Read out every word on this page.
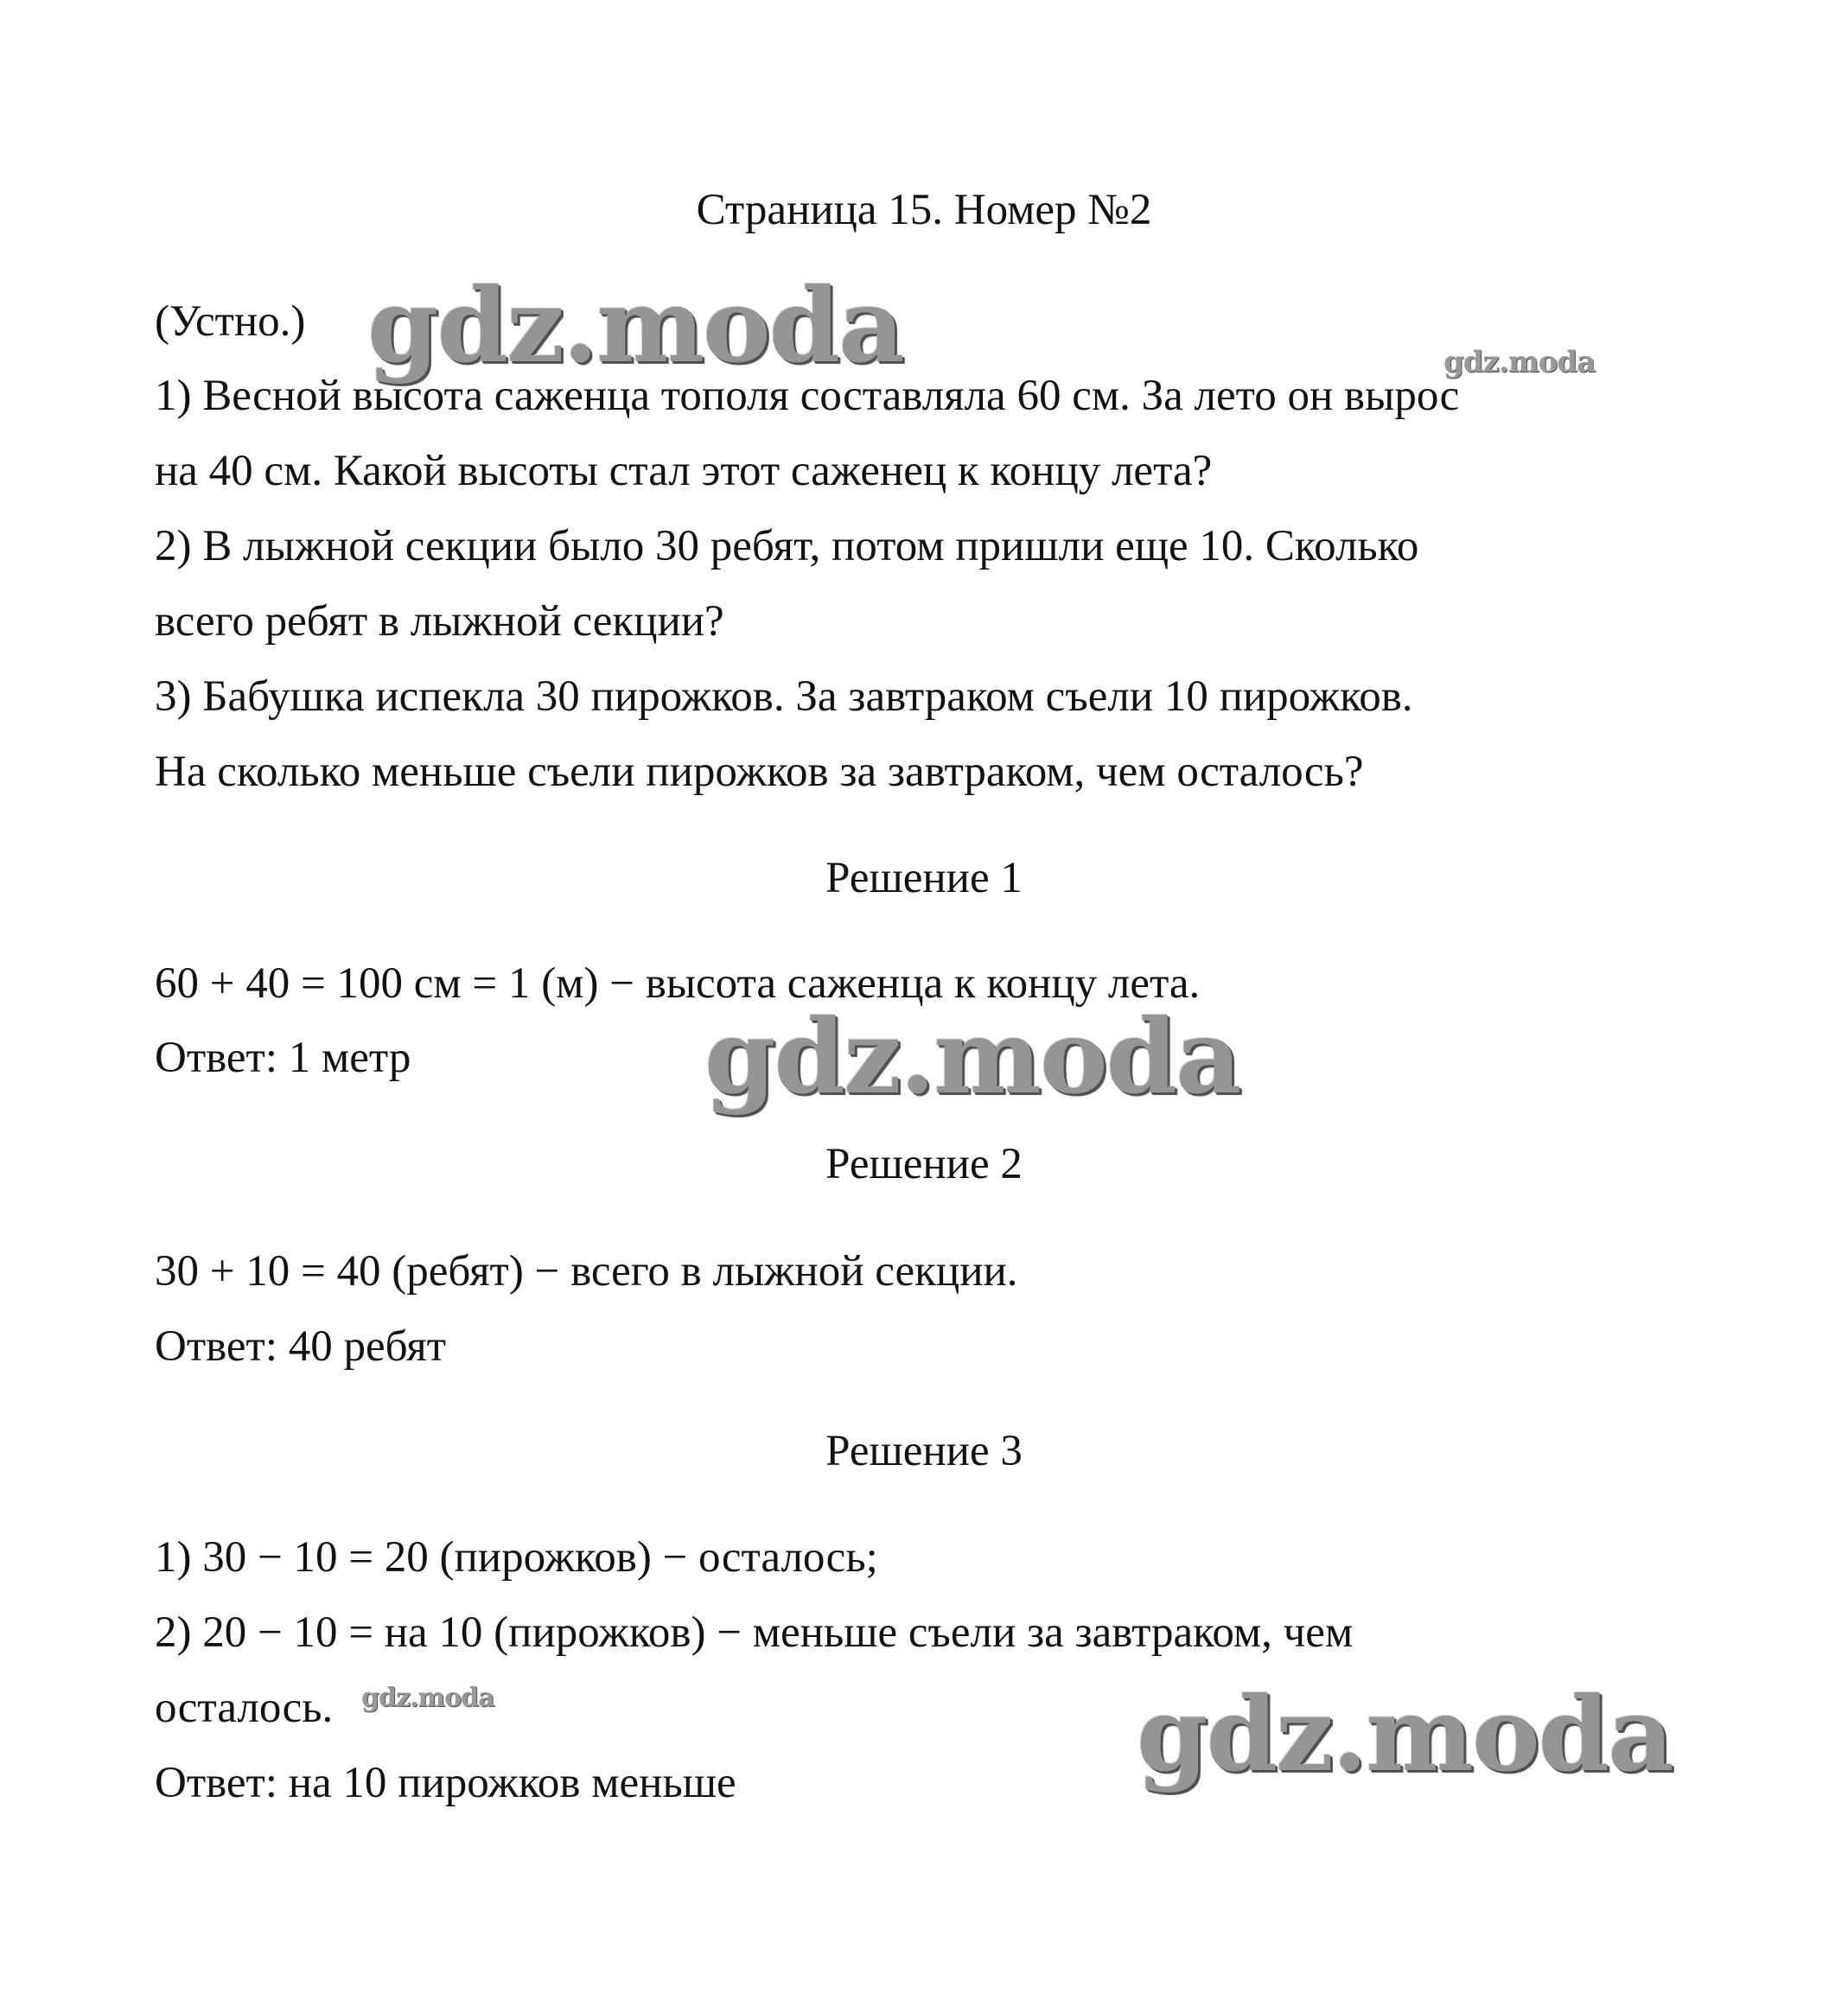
Страница 15. Номер №2
(Устно.)
1) Весной высота саженца тополя составляла 60 см. За лето он вырос
на 40 см. Какой высоты стал этот саженец к концу лета?
2) В лыжной секции было 30 ребят, потом пришли еще 10. Сколько
всего ребят в лыжной секции?
3) Бабушка испекла 30 пирожков. За завтраком съели 10 пирожков.
На сколько меньше съели пирожков за завтраком, чем осталось?
Решение 1
60 + 40 = 100 см = 1 (м) − высота саженца к концу лета.
Ответ: 1 метр
Решение 2
30 + 10 = 40 (ребят) − всего в лыжной секции.
Ответ: 40 ребят
Решение 3
1) 30 − 10 = 20 (пирожков) − осталось;
2) 20 − 10 = на 10 (пирожков) − меньше съели за завтраком, чем
осталось.
Ответ: на 10 пирожков меньше
gdz.moda	gdz.moda
gdz.moda
gdz.moda	gdz.moda
